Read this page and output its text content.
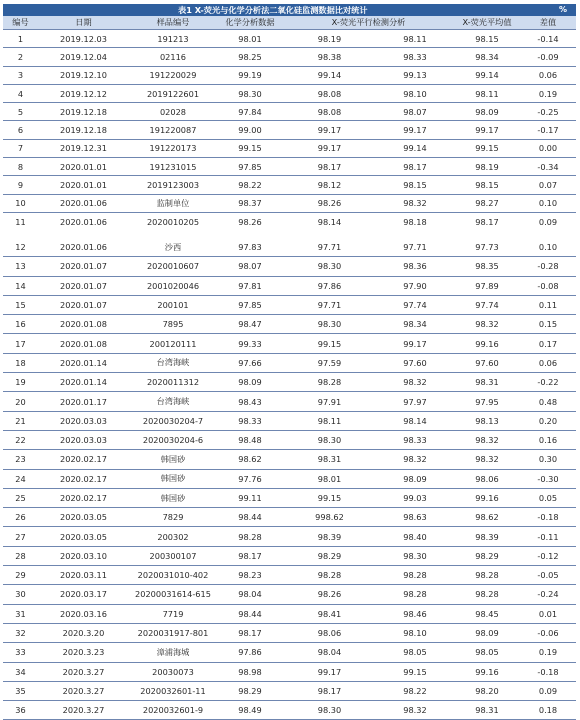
表1 X-荧光与化学分析法二氧化硅监测数据比对统计	%
编号	日期	样品编号	化学分析数据	X-荧光平行检测分析		X-荧光平均值	差值
1	2019.12.03	191213	98.01	98.19	98.11	98.15	-0.14
2	2019.12.04	02116	98.25	98.38	98.33	98.34	-0.09
3	2019.12.10	191220029	99.19	99.14	99.13	99.14	0.06
4	2019.12.12	2019122601	98.30	98.08	98.10	98.11	0.19
5	2019.12.18	02028	97.84	98.08	98.07	98.09	-0.25
6	2019.12.18	191220087	99.00	99.17	99.17	99.17	-0.17
7	2019.12.31	191220173	99.15	99.17	99.14	99.15	0.00
8	2020.01.01	191231015	97.85	98.17	98.17	98.19	-0.34
9	2020.01.01	2019123003	98.22	98.12	98.15	98.15	0.07
10	2020.01.06	监制单位	98.37	98.26	98.32	98.27	0.10
11	2020.01.06	2020010205	98.26	98.14	98.18	98.17	0.09
12	2020.01.06	沙西	97.83	97.71	97.71	97.73	0.10
13	2020.01.07	2020010607	98.07	98.30	98.36	98.35	-0.28
14	2020.01.07	2001020046	97.81	97.86	97.90	97.89	-0.08
15	2020.01.07	200101	97.85	97.71	97.74	97.74	0.11
16	2020.01.08	7895	98.47	98.30	98.34	98.32	0.15
17	2020.01.08	200120111	99.33	99.15	99.17	99.16	0.17
18	2020.01.14	台湾海峡	97.66	97.59	97.60	97.60	0.06
19	2020.01.14	2020011312	98.09	98.28	98.32	98.31	-0.22
20	2020.01.17	台湾海峡	98.43	97.91	97.97	97.95	0.48
21	2020.03.03	2020030204-7	98.33	98.11	98.14	98.13	0.20
22	2020.03.03	2020030204-6	98.48	98.30	98.33	98.32	0.16
23	2020.02.17	韩国砂	98.62	98.31	98.32	98.32	0.30
24	2020.02.17	韩国砂	97.76	98.01	98.09	98.06	-0.30
25	2020.02.17	韩国砂	99.11	99.15	99.03	99.16	0.05
26	2020.03.05	7829	98.44	998.62	98.63	98.62	-0.18
27	2020.03.05	200302	98.28	98.39	98.40	98.39	-0.11
28	2020.03.10	200300107	98.17	98.29	98.30	98.29	-0.12
29	2020.03.11	2020031010-402	98.23	98.28	98.28	98.28	-0.05
30	2020.03.17	20200031614-615	98.04	98.26	98.28	98.28	-0.24
31	2020.03.16	7719	98.44	98.41	98.46	98.45	0.01
32	2020.3.20	2020031917-801	98.17	98.06	98.10	98.09	-0.06
33	2020.3.23	漳浦海城	97.86	98.04	98.05	98.05	0.19
34	2020.3.27	20030073	98.98	99.17	99.15	99.16	-0.18
35	2020.3.27	2020032601-11	98.29	98.17	98.22	98.20	0.09
36	2020.3.27	2020032601-9	98.49	98.30	98.32	98.31	0.18
